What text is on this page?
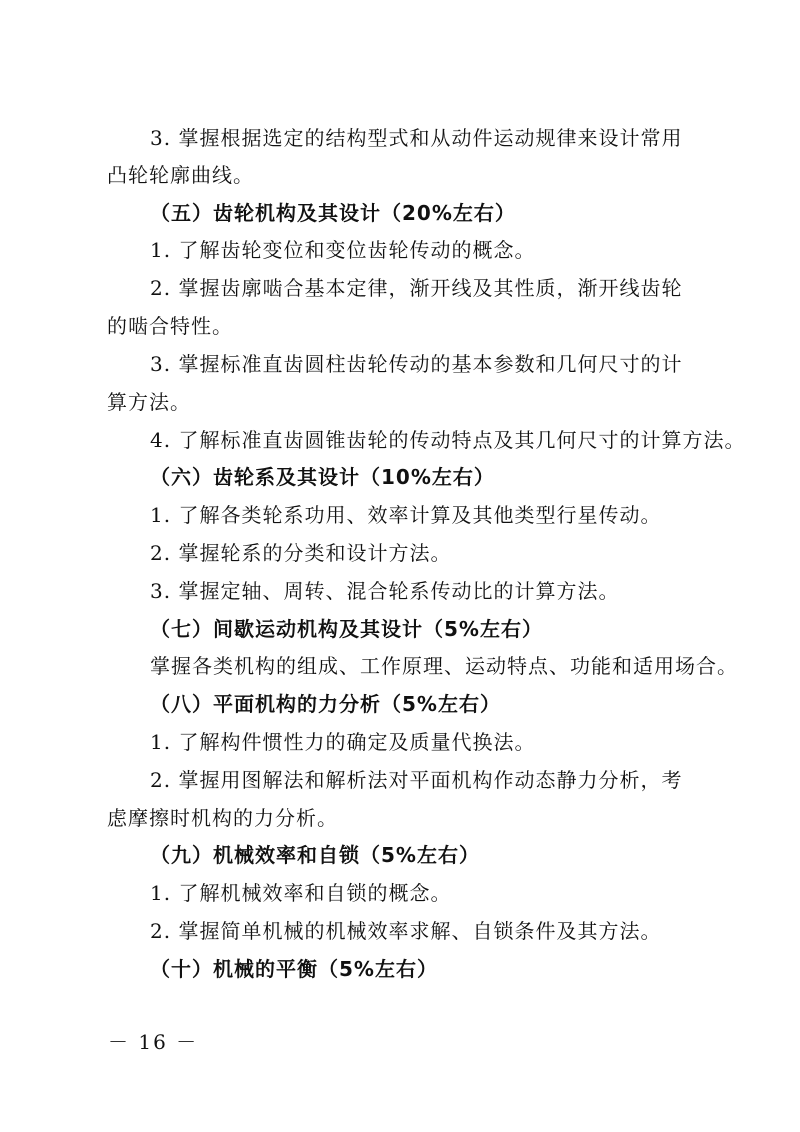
3. 掌握根据选定的结构型式和从动件运动规律来设计常用
凸轮轮廓曲线。
（五）齿轮机构及其设计（20%左右）
1. 了解齿轮变位和变位齿轮传动的概念。
2. 掌握齿廓啮合基本定律，渐开线及其性质，渐开线齿轮
的啮合特性。
3. 掌握标准直齿圆柱齿轮传动的基本参数和几何尺寸的计
算方法。
4. 了解标准直齿圆锥齿轮的传动特点及其几何尺寸的计算方法。
（六）齿轮系及其设计（10%左右）
1. 了解各类轮系功用、效率计算及其他类型行星传动。
2. 掌握轮系的分类和设计方法。
3. 掌握定轴、周转、混合轮系传动比的计算方法。
（七）间歇运动机构及其设计（5%左右）
掌握各类机构的组成、工作原理、运动特点、功能和适用场合。
（八）平面机构的力分析（5%左右）
1. 了解构件惯性力的确定及质量代换法。
2. 掌握用图解法和解析法对平面机构作动态静力分析，考
虑摩擦时机构的力分析。
（九）机械效率和自锁（5%左右）
1. 了解机械效率和自锁的概念。
2. 掌握简单机械的机械效率求解、自锁条件及其方法。
（十）机械的平衡（5%左右）
－ 16 －
